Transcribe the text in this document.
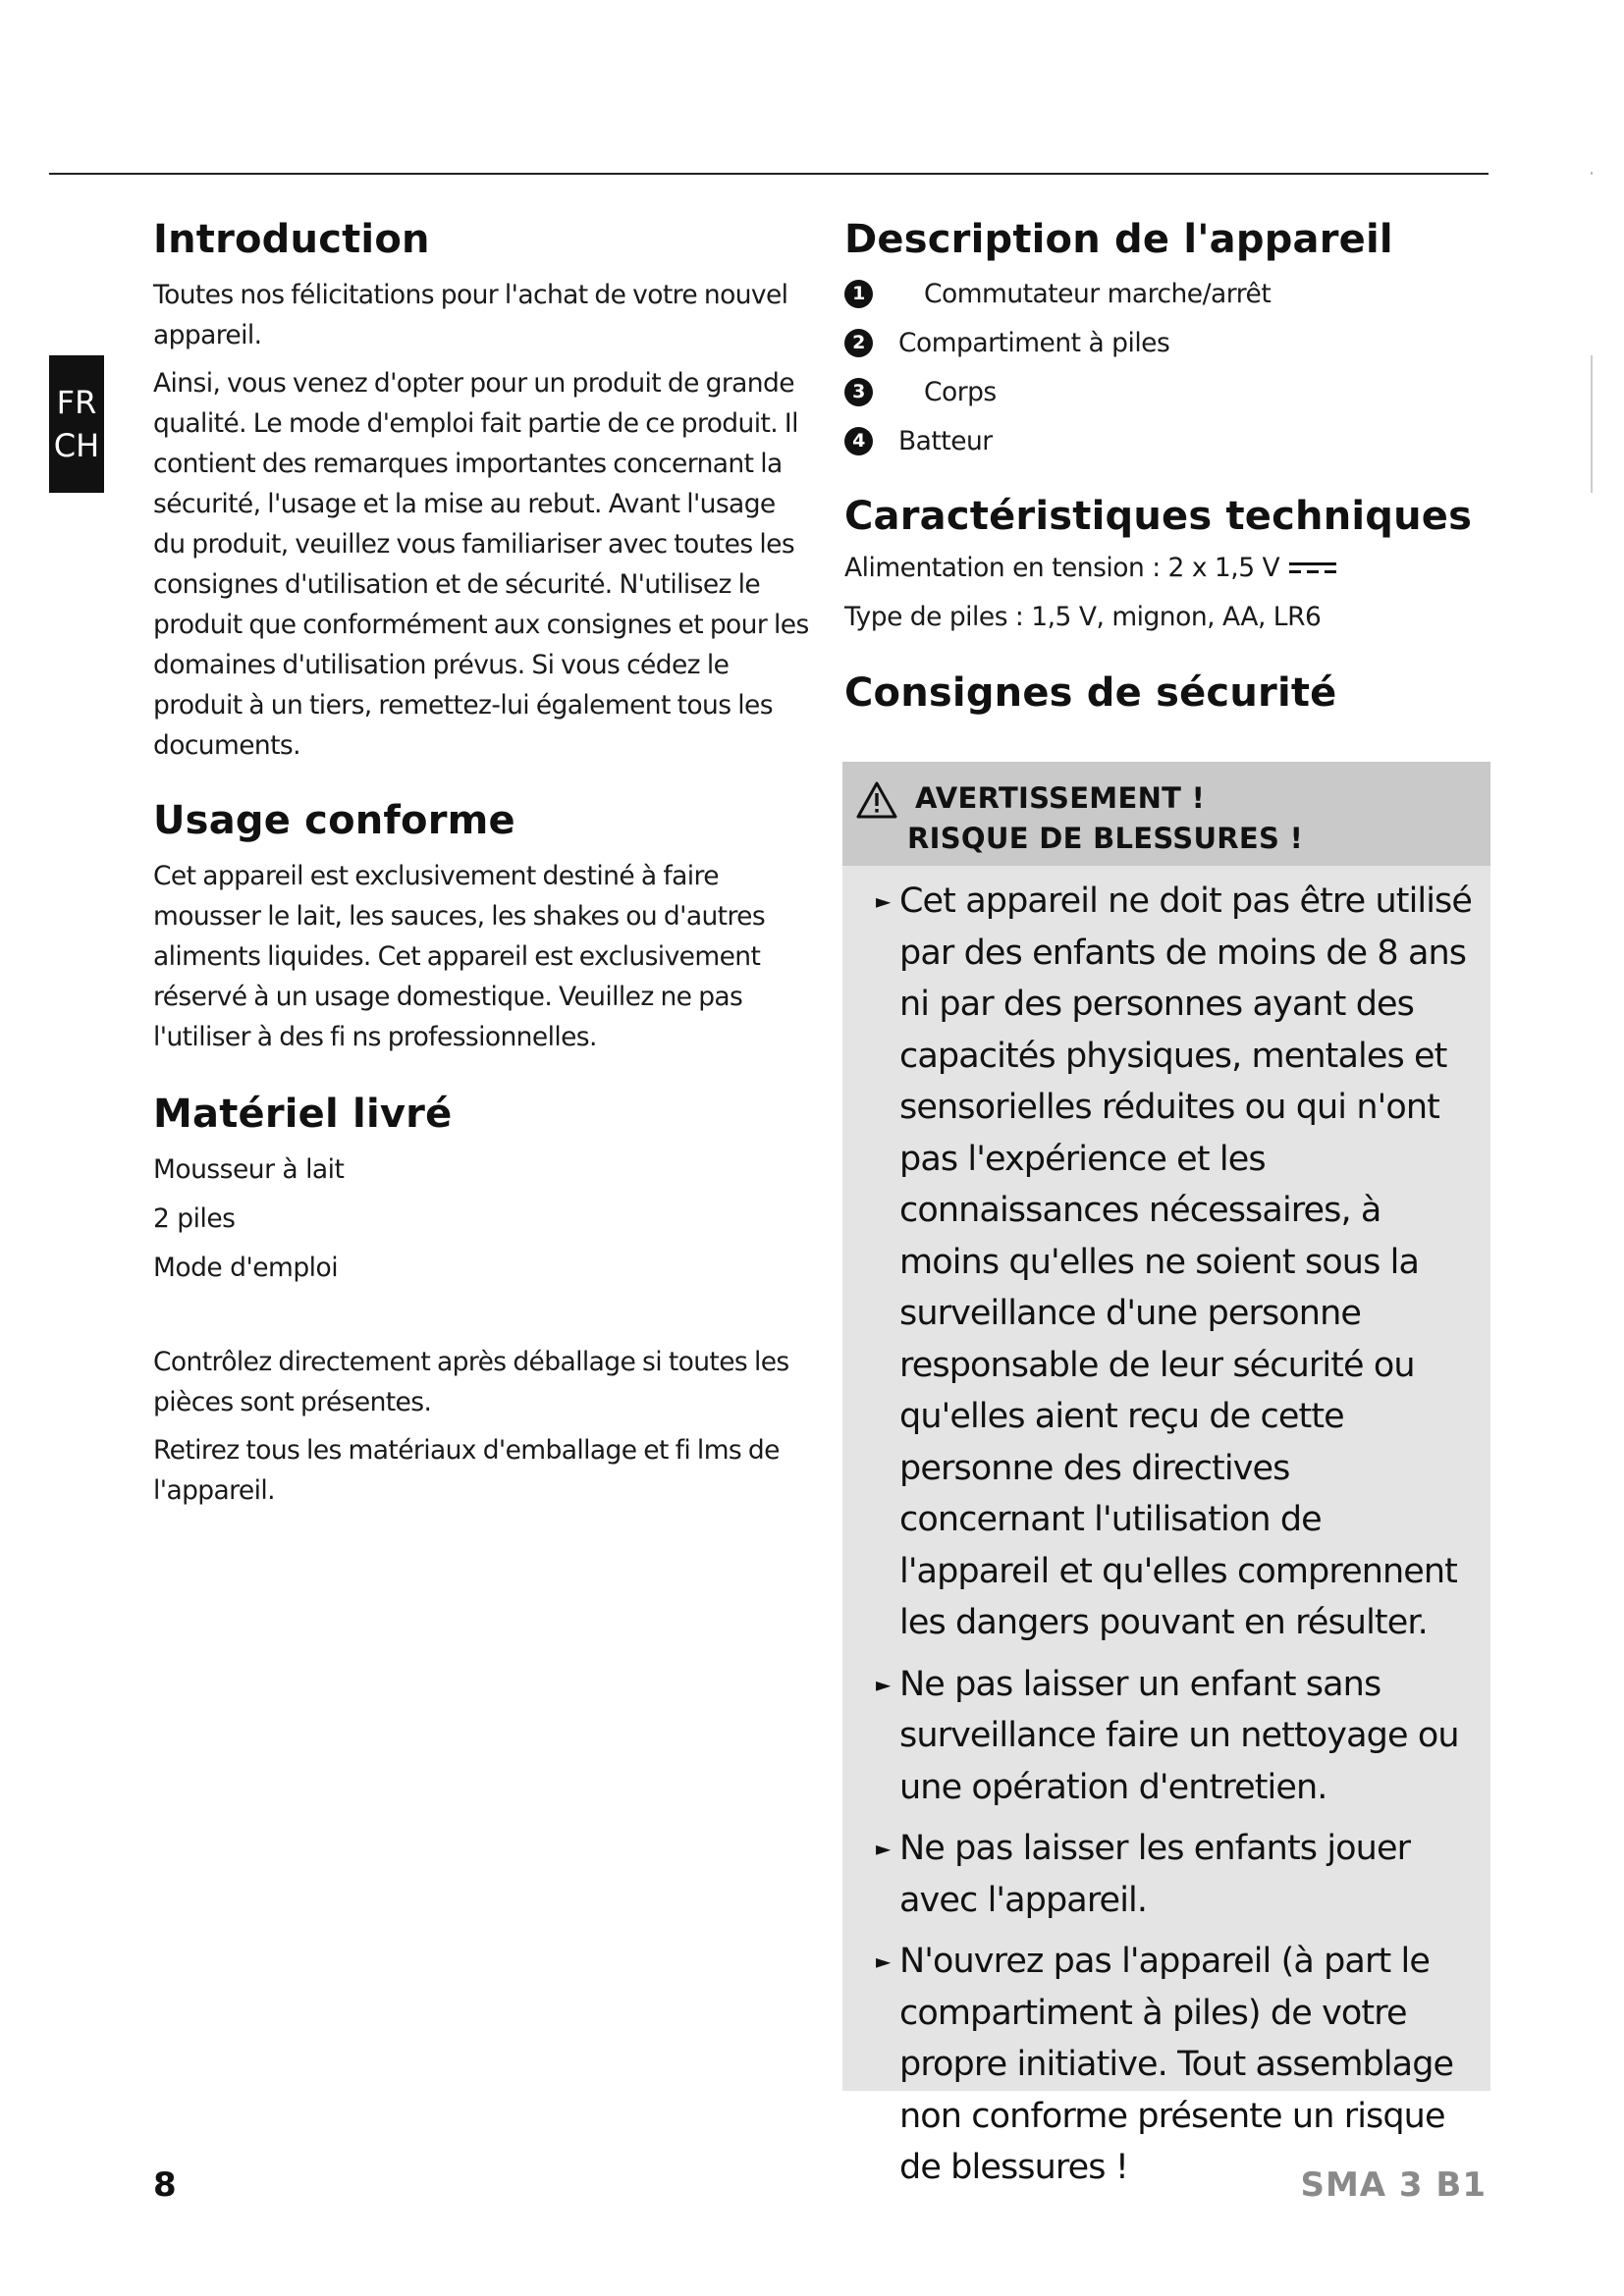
FR
CH
Introduction

Toutes nos félicitations pour l'achat de votre nouvel appareil.

Ainsi, vous venez d'opter pour un produit de grande qualité. Le mode d'emploi fait partie de ce produit. Il contient des remarques importantes concernant la sécurité, l'usage et la mise au rebut. Avant l'usage du produit, veuillez vous familiariser avec toutes les consignes d'utilisation et de sécurité. N'utilisez le produit que conformément aux consignes et pour les domaines d'utilisation prévus. Si vous cédez le produit à un tiers, remettez-lui également tous les documents.

Usage conforme

Cet appareil est exclusivement destiné à faire mousser le lait, les sauces, les shakes ou d'autres aliments liquides. Cet appareil est exclusivement réservé à un usage domestique. Veuillez ne pas l'utiliser à des fi ns professionnelles.

Matériel livré
Mousseur à lait
2 piles
Mode d'emploi

Contrôlez directement après déballage si toutes les pièces sont présentes.

Retirez tous les matériaux d'emballage et fi lms de l'appareil.

Description de l'appareil
1	Commutateur marche/arrêt
2	Compartiment à piles
3	Corps
4	Batteur
Caractéristiques techniques
Alimentation en tension : 2 x 1,5 V
Type de piles : 1,5 V, mignon, AA, LR6
Consignes de sécurité
AVERTISSEMENT !
RISQUE DE BLESSURES !
► Cet appareil ne doit pas être utilisé par des enfants de moins de 8 ans ni par des personnes ayant des capacités physiques, mentales et sensorielles réduites ou qui n'ont pas l'expérience et les connaissances nécessaires, à moins qu'elles ne soient sous la surveillance d'une personne responsable de leur sécurité ou qu'elles aient reçu de cette personne des directives concernant l'utilisation de l'appareil et qu'elles comprennent les dangers pouvant en résulter.
► Ne pas laisser un enfant sans surveillance faire un nettoyage ou une opération d'entretien.
► Ne pas laisser les enfants jouer avec l'appareil.
► N'ouvrez pas l'appareil (à part le compartiment à piles) de votre propre initiative. Tout assemblage non conforme présente un risque de blessures !
8	SMA 3 B1
